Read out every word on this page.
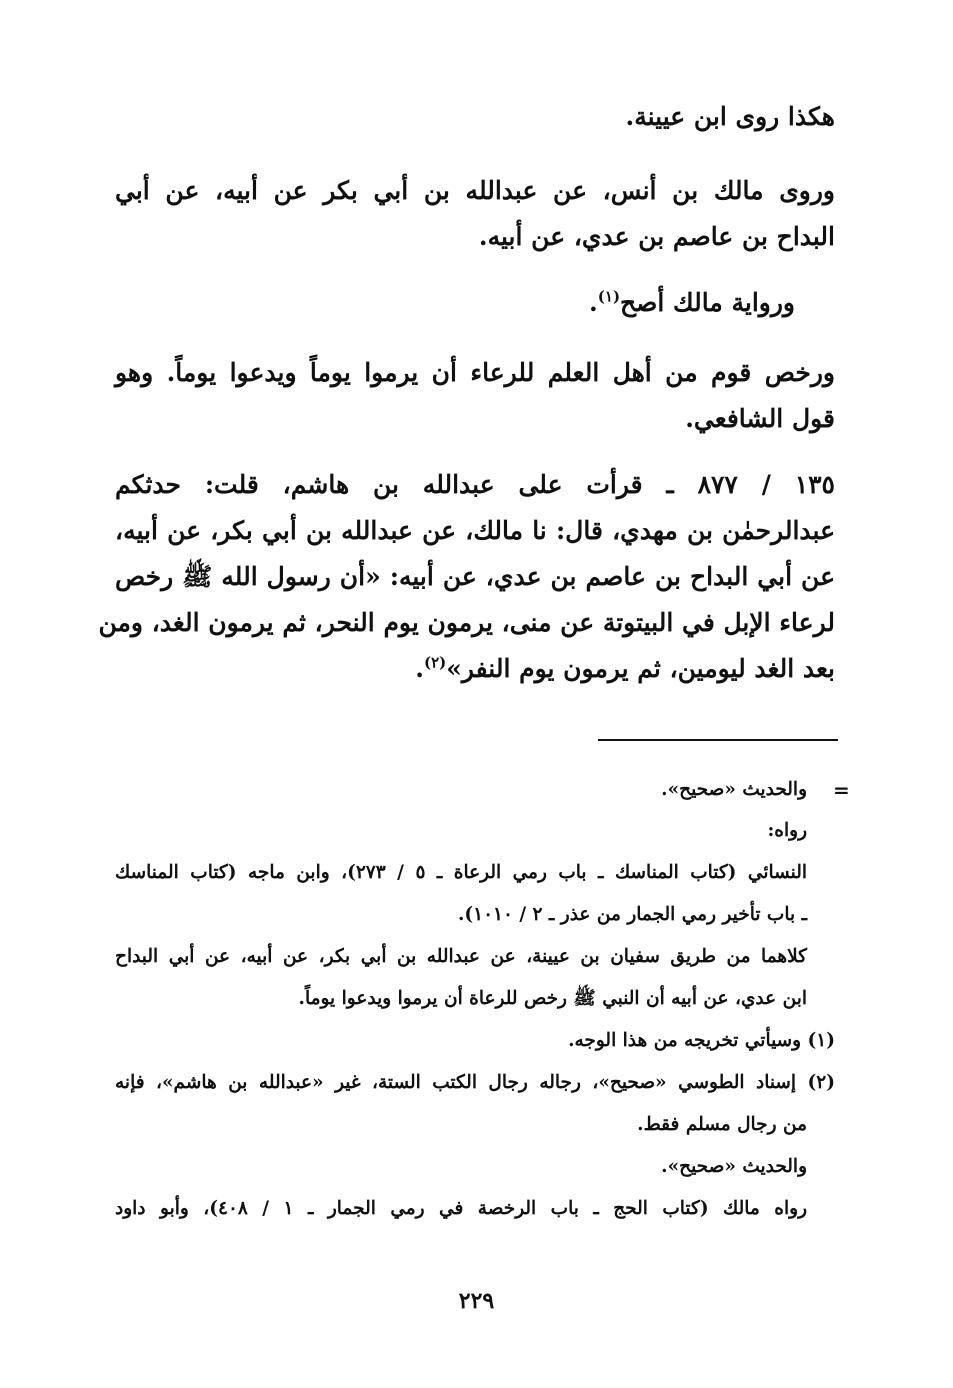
هكذا روى ابن عيينة.
وروى مالك بن أنس، عن عبدالله بن أبي بكر عن أبيه، عن أبي
البداح بن عاصم بن عدي، عن أبيه.
ورواية مالك أصح$^{(١)}$.
ورخص قوم من أهل العلم للرعاء أن يرموا يوماً ويدعوا يوماً. وهو
قول الشافعي.
١٣٥ / ٨٧٧ ـ قرأت على عبدالله بن هاشم، قلت: حدثكم
عبدالرحمٰن بن مهدي، قال: نا مالك، عن عبدالله بن أبي بكر، عن أبيه،
عن أبي البداح بن عاصم بن عدي، عن أبيه: «أن رسول الله ﷺ رخص
لرعاء الإبل في البيتوتة عن منى، يرمون يوم النحر، ثم يرمون الغد، ومن
بعد الغد ليومين، ثم يرمون يوم النفر»$^{(٢)}$.
=
والحديث «صحيح».
رواه:
النسائي (كتاب المناسك ـ باب رمي الرعاة ـ ٥ / ٢٧٣)، وابن ماجه (كتاب المناسك
ـ باب تأخير رمي الجمار من عذر ـ ٢ / ١٠١٠).
كلاهما من طريق سفيان بن عيينة، عن عبدالله بن أبي بكر، عن أبيه، عن أبي البداح
ابن عدي، عن أبيه أن النبي ﷺ رخص للرعاة أن يرموا ويدعوا يوماً.
(١) وسيأتي تخريجه من هذا الوجه.
(٢) إسناد الطوسي «صحيح»، رجاله رجال الكتب الستة، غير «عبدالله بن هاشم»، فإنه
من رجال مسلم فقط.
والحديث «صحيح».
رواه مالك (كتاب الحج ـ باب الرخصة في رمي الجمار ـ ١ / ٤٠٨)، وأبو داود
٢٢٩
